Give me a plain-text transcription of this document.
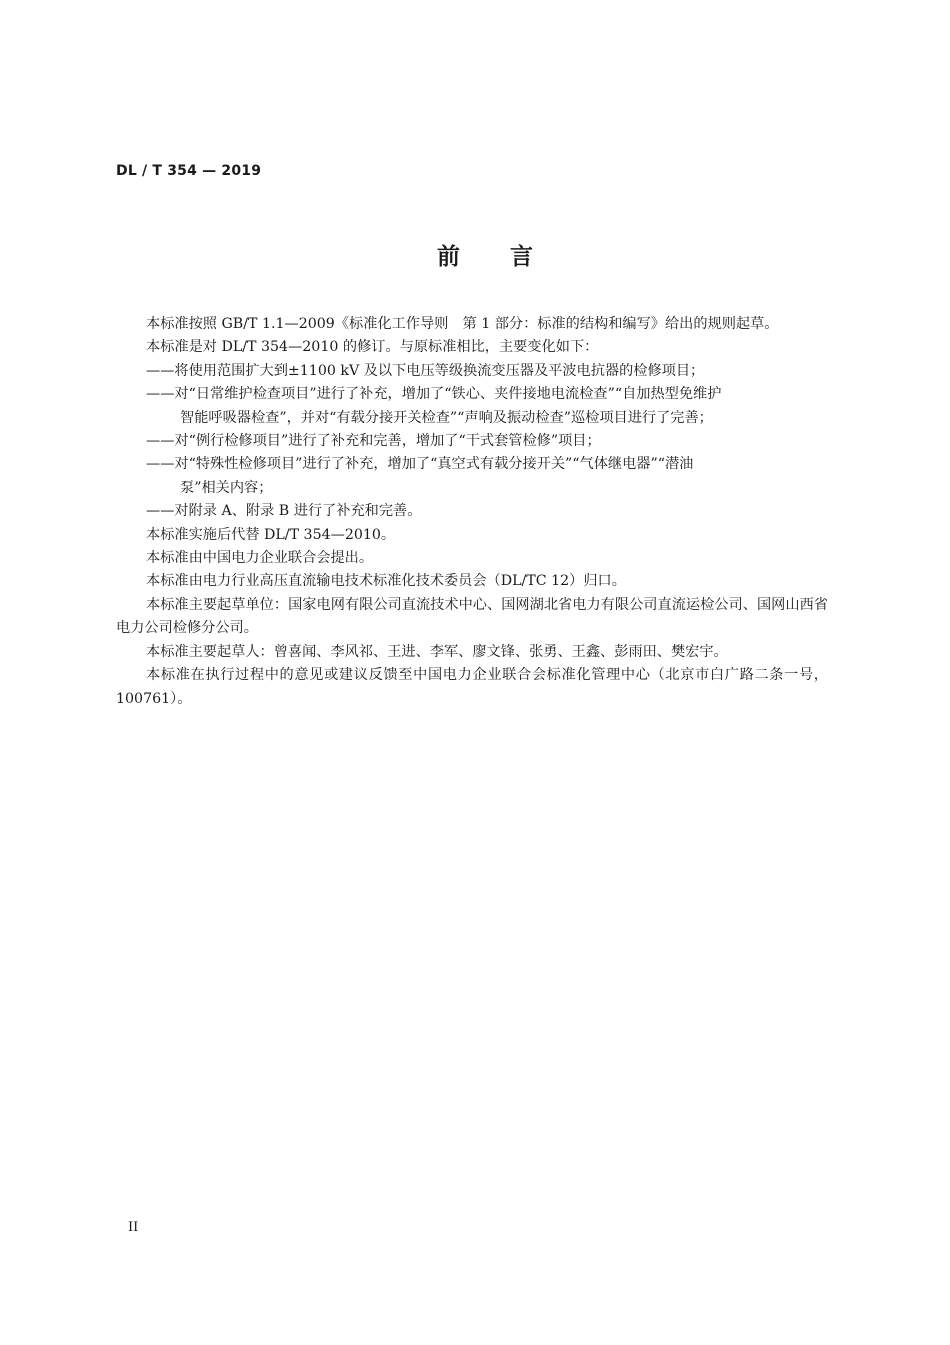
DL / T 354 — 2019
前 言
本标准按照 GB/T 1.1—2009《标准化工作导则　第 1 部分：标准的结构和编写》给出的规则起草。
本标准是对 DL/T 354—2010 的修订。与原标准相比，主要变化如下：
——将使用范围扩大到±1100 kV 及以下电压等级换流变压器及平波电抗器的检修项目；
——对“日常维护检查项目”进行了补充，增加了“铁心、夹件接地电流检查”“自加热型免维护
智能呼吸器检查”，并对“有载分接开关检查”“声响及振动检查”巡检项目进行了完善；
——对“例行检修项目”进行了补充和完善，增加了“干式套管检修”项目；
——对“特殊性检修项目”进行了补充，增加了“真空式有载分接开关”“气体继电器”“潜油
泵”相关内容；
——对附录 A、附录 B 进行了补充和完善。
本标准实施后代替 DL/T 354—2010。
本标准由中国电力企业联合会提出。
本标准由电力行业高压直流输电技术标准化技术委员会（DL/TC 12）归口。
本标准主要起草单位：国家电网有限公司直流技术中心、国网湖北省电力有限公司直流运检公司、国网山西省电力公司检修分公司。
本标准主要起草人：曾喜闻、李风祁、王进、李军、廖文锋、张勇、王鑫、彭雨田、樊宏宇。
本标准在执行过程中的意见或建议反馈至中国电力企业联合会标准化管理中心（北京市白广路二条一号，100761）。
II
